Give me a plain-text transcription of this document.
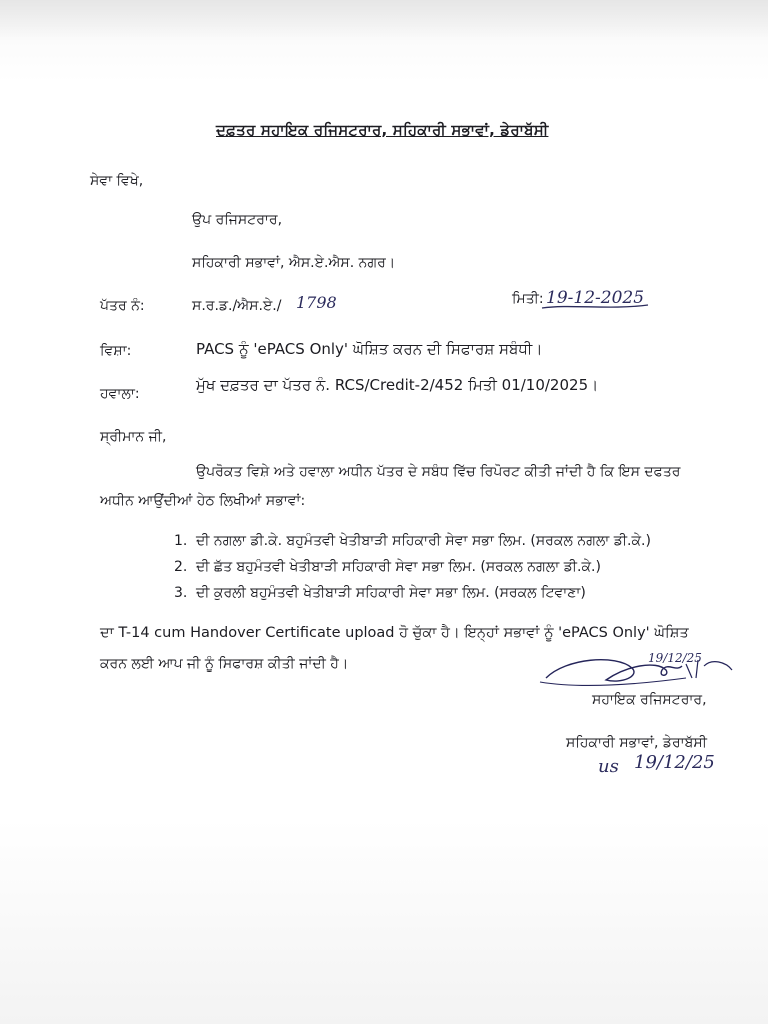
ਦਫ਼ਤਰ ਸਹਾਇਕ ਰਜਿਸਟਰਾਰ, ਸਹਿਕਾਰੀ ਸਭਾਵਾਂ, ਡੇਰਾਬੱਸੀ
ਸੇਵਾ ਵਿਖੇ,
ਉਪ ਰਜਿਸਟਰਾਰ,
ਸਹਿਕਾਰੀ ਸਭਾਵਾਂ, ਐਸ.ਏ.ਐਸ. ਨਗਰ।
ਪੱਤਰ ਨੰ:	ਸ.ਰ.ਡ./ਐਸ.ਏ./ 1798	ਮਿਤੀ: 19-12-2025
ਵਿਸ਼ਾ:	PACS ਨੂੰ 'ePACS Only' ਘੋਸ਼ਿਤ ਕਰਨ ਦੀ ਸਿਫਾਰਸ਼ ਸਬੰਧੀ।
ਹਵਾਲਾ:	ਮੁੱਖ ਦਫ਼ਤਰ ਦਾ ਪੱਤਰ ਨੰ. RCS/Credit-2/452 ਮਿਤੀ 01/10/2025।
ਸ੍ਰੀਮਾਨ ਜੀ,
ਉਪਰੋਕਤ ਵਿਸ਼ੇ ਅਤੇ ਹਵਾਲਾ ਅਧੀਨ ਪੱਤਰ ਦੇ ਸਬੰਧ ਵਿੱਚ ਰਿਪੋਰਟ ਕੀਤੀ ਜਾਂਦੀ ਹੈ ਕਿ ਇਸ ਦਫਤਰ
ਅਧੀਨ ਆਉਂਦੀਆਂ ਹੇਠ ਲਿਖੀਆਂ ਸਭਾਵਾਂ:
1. ਦੀ ਨਗਲਾ ਡੀ.ਕੇ. ਬਹੁਮੰਤਵੀ ਖੇਤੀਬਾੜੀ ਸਹਿਕਾਰੀ ਸੇਵਾ ਸਭਾ ਲਿਮ. (ਸਰਕਲ ਨਗਲਾ ਡੀ.ਕੇ.)
2. ਦੀ ਛੱਤ ਬਹੁਮੰਤਵੀ ਖੇਤੀਬਾੜੀ ਸਹਿਕਾਰੀ ਸੇਵਾ ਸਭਾ ਲਿਮ. (ਸਰਕਲ ਨਗਲਾ ਡੀ.ਕੇ.)
3. ਦੀ ਕੁਰਲੀ ਬਹੁਮੰਤਵੀ ਖੇਤੀਬਾੜੀ ਸਹਿਕਾਰੀ ਸੇਵਾ ਸਭਾ ਲਿਮ. (ਸਰਕਲ ਟਿਵਾਣਾ)
ਦਾ T-14 cum Handover Certificate upload ਹੋ ਚੁੱਕਾ ਹੈ। ਇਨ੍ਹਾਂ ਸਭਾਵਾਂ ਨੂੰ 'ePACS Only' ਘੋਸ਼ਿਤ
ਕਰਨ ਲਈ ਆਪ ਜੀ ਨੂੰ ਸਿਫਾਰਸ਼ ਕੀਤੀ ਜਾਂਦੀ ਹੈ।	19/12/25
ਸਹਾਇਕ ਰਜਿਸਟਰਾਰ,
ਸਹਿਕਾਰੀ ਸਭਾਵਾਂ, ਡੇਰਾਬੱਸੀ
us 19/12/25
